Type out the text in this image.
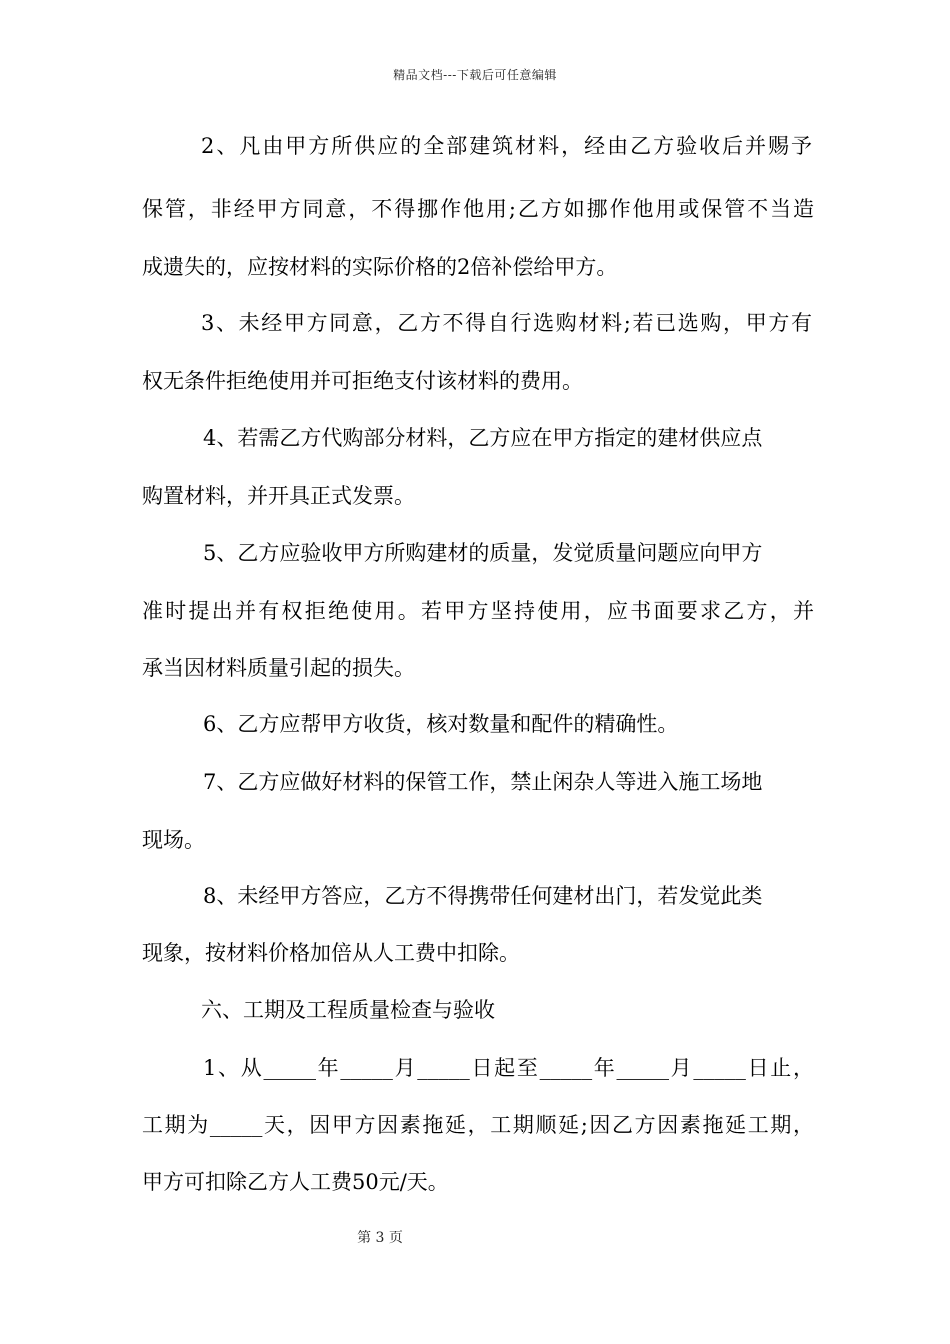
精品文档---下载后可任意编辑
2、凡由甲方所供应的全部建筑材料，经由乙方验收后并赐予
保管，非经甲方同意，不得挪作他用;乙方如挪作他用或保管不当造
成遗失的，应按材料的实际价格的2倍补偿给甲方。
3、未经甲方同意，乙方不得自行选购材料;若已选购，甲方有
权无条件拒绝使用并可拒绝支付该材料的费用。
4、若需乙方代购部分材料，乙方应在甲方指定的建材供应点
购置材料，并开具正式发票。
5、乙方应验收甲方所购建材的质量，发觉质量问题应向甲方
准时提出并有权拒绝使用。若甲方坚持使用，应书面要求乙方，并
承当因材料质量引起的损失。
6、乙方应帮甲方收货，核对数量和配件的精确性。
7、乙方应做好材料的保管工作，禁止闲杂人等进入施工场地
现场。
8、未经甲方答应，乙方不得携带任何建材出门，若发觉此类
现象，按材料价格加倍从人工费中扣除。
六、工期及工程质量检查与验收
1、从_____年_____月_____日起至_____年_____月_____日止，
工期为_____天，因甲方因素拖延，工期顺延;因乙方因素拖延工期，
甲方可扣除乙方人工费50元/天。
第 3 页
